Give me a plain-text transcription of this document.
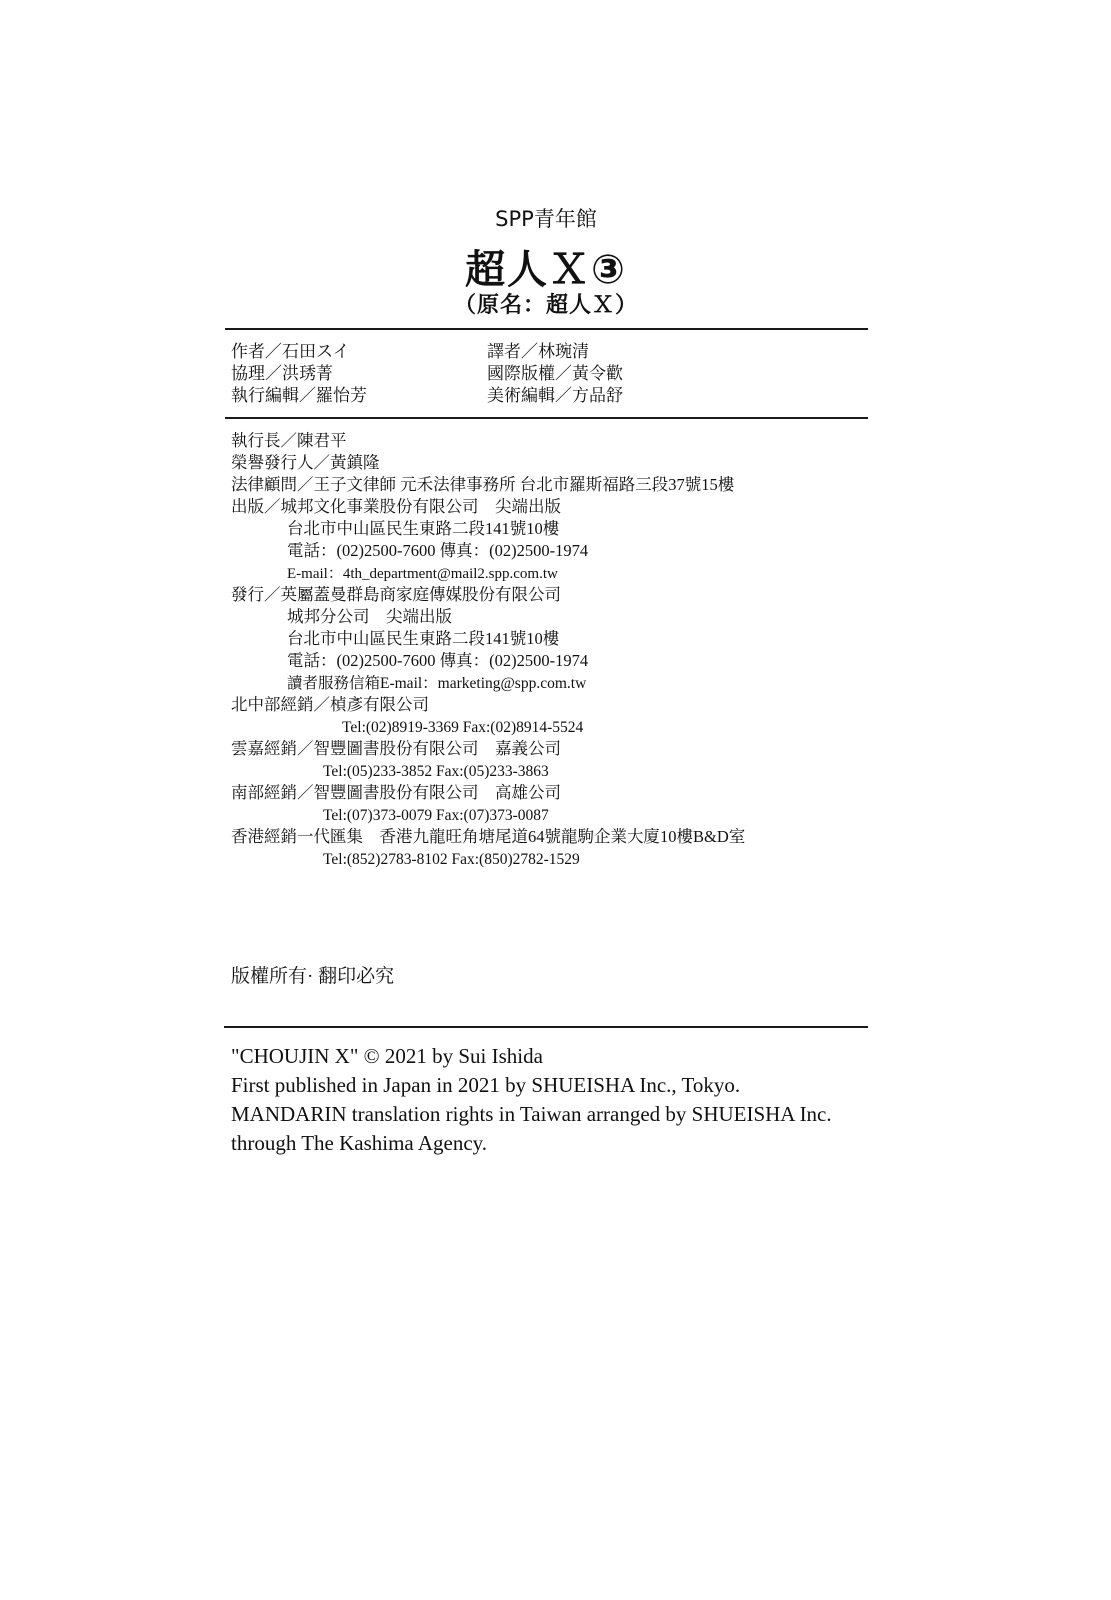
SPP青年館
超人Ｘ③
（原名：超人Ｘ）
作者／石田スイ
協理／洪琇菁
執行編輯／羅怡芳
譯者／林琬清
國際版權／黃令歡
美術編輯／方品舒
執行長／陳君平
榮譽發行人／黃鎮隆
法律顧問／王子文律師 元禾法律事務所 台北市羅斯福路三段37號15樓
出版／城邦文化事業股份有限公司　尖端出版
台北市中山區民生東路二段141號10樓
電話：(02)2500-7600 傳真：(02)2500-1974
E-mail：4th_department@mail2.spp.com.tw
發行／英屬蓋曼群島商家庭傳媒股份有限公司
城邦分公司　尖端出版
台北市中山區民生東路二段141號10樓
電話：(02)2500-7600 傳真：(02)2500-1974
讀者服務信箱E-mail：marketing@spp.com.tw
北中部經銷／楨彥有限公司
Tel:(02)8919-3369 Fax:(02)8914-5524
雲嘉經銷／智豐圖書股份有限公司　嘉義公司
Tel:(05)233-3852 Fax:(05)233-3863
南部經銷／智豐圖書股份有限公司　高雄公司
Tel:(07)373-0079 Fax:(07)373-0087
香港經銷一代匯集　香港九龍旺角塘尾道64號龍駒企業大廈10樓B&D室
Tel:(852)2783-8102 Fax:(850)2782-1529
版權所有· 翻印必究
"CHOUJIN X" © 2021 by Sui Ishida
First published in Japan in 2021 by SHUEISHA Inc., Tokyo.
MANDARIN translation rights in Taiwan arranged by SHUEISHA Inc.
through The Kashima Agency.
